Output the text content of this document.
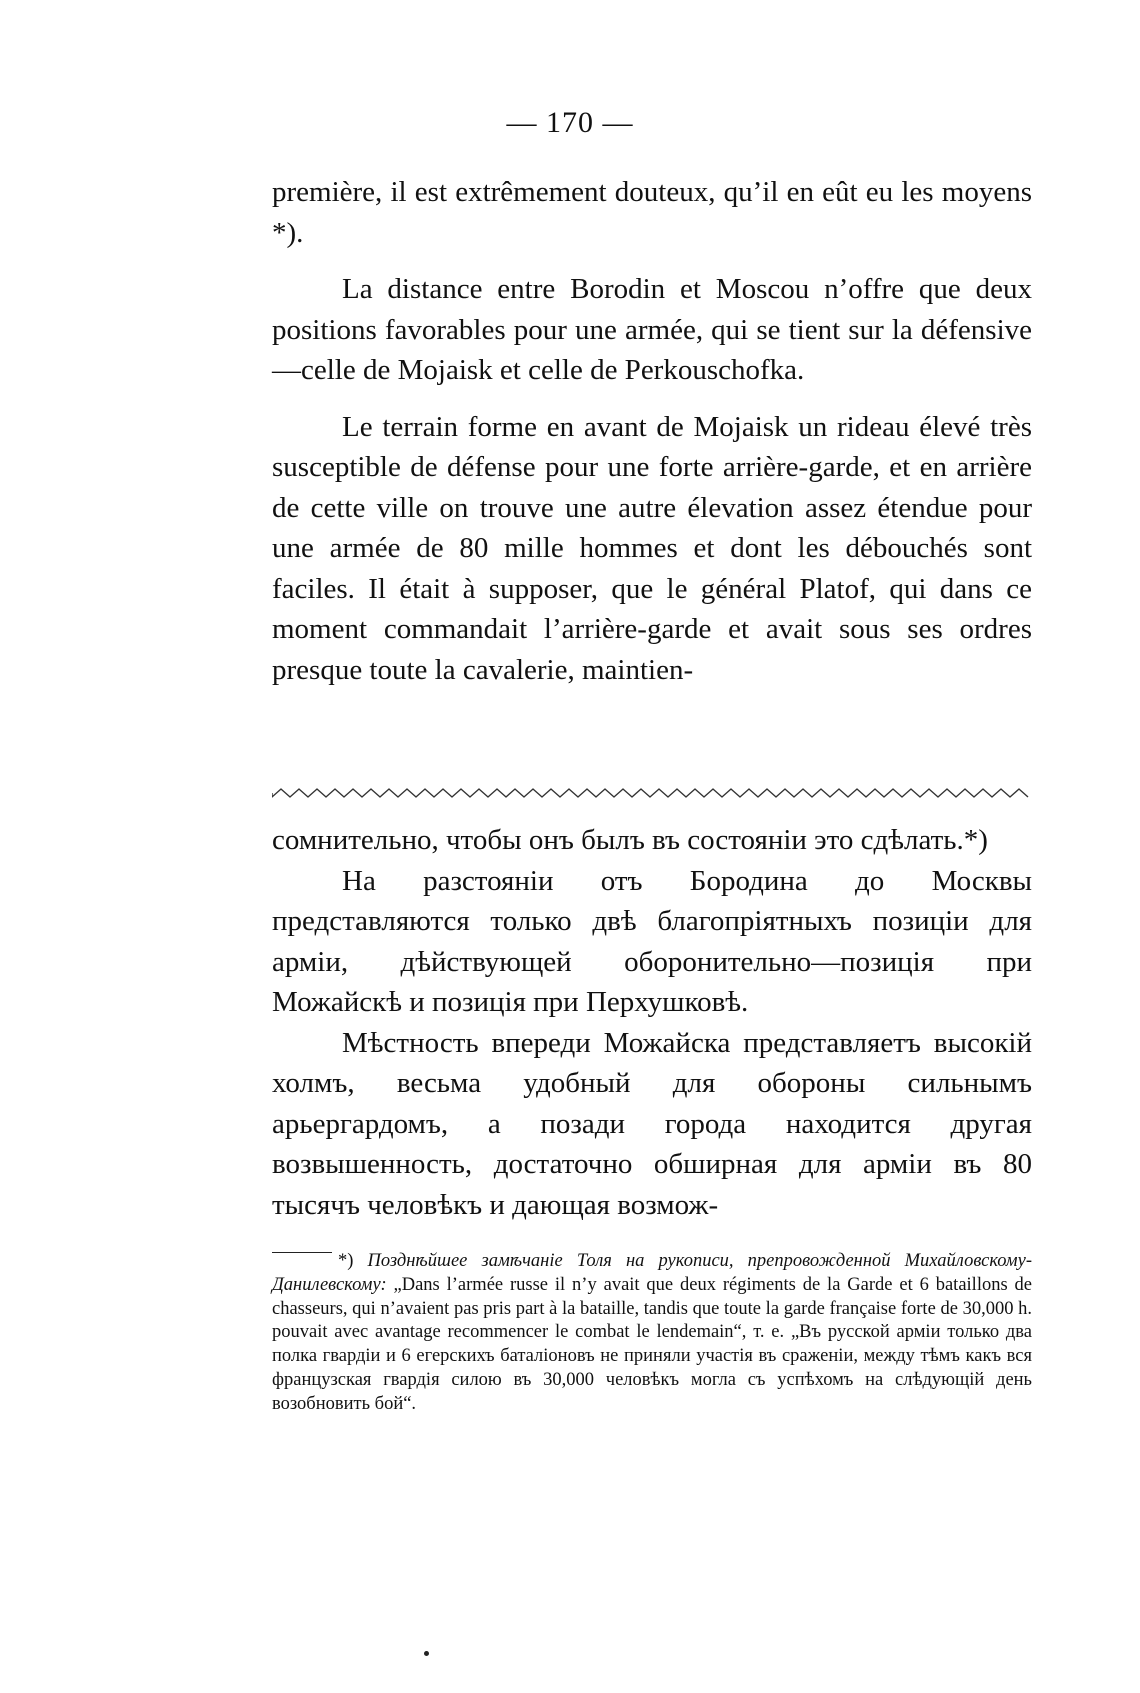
— 170 —

première, il est extrêmement douteux, qu’il en eût eu les moyens *).

La distance entre Borodin et Moscou n’offre que deux positions favorables pour une armée, qui se tient sur la défensive—celle de Mojaisk et celle de Perkouschofka.

Le terrain forme en avant de Mojaisk un rideau élevé très susceptible de défense pour une forte arrière-garde, et en arrière de cette ville on trouve une autre élevation assez étendue pour une armée de 80 mille hommes et dont les débouchés sont faciles. Il était à supposer, que le général Platof, qui dans ce moment commandait l’arrière-garde et avait sous ses ordres presque toute la cavalerie, maintien-

сомнительно, чтобы онъ былъ въ состоянiи это сдѣлать.*)

На разстоянiи отъ Бородина до Москвы представляются только двѣ благопрiятныхъ позицiи для армiи, дѣйствующей оборонительно—позицiя при Можайскѣ и позицiя при Перхушковѣ.

Мѣстность впереди Можайска представляетъ высокiй холмъ, весьма удобный для обороны сильнымъ арьергардомъ, а позади города находится другая возвышенность, достаточно обширная для армiи въ 80 тысячъ человѣкъ и дающая возмож-

*) Позднѣйшее замѣчанiе Толя на рукописи, препровожденной Михайловскому-Данилевскому: „Dans l’armée russe il n’y avait que deux régiments de la Garde et 6 bataillons de chasseurs, qui n’avaient pas pris part à la bataille, tandis que toute la garde française forte de 30,000 h. pouvait avec avantage recommencer le combat le lendemain“, т. е. „Въ русской армiи только два полка гвардiи и 6 егерскихъ баталiоновъ не приняли участiя въ сраженiи, между тѣмъ какъ вся французская гвардiя силою въ 30,000 человѣкъ могла съ успѣхомъ на слѣдующiй день возобновить бой“.
